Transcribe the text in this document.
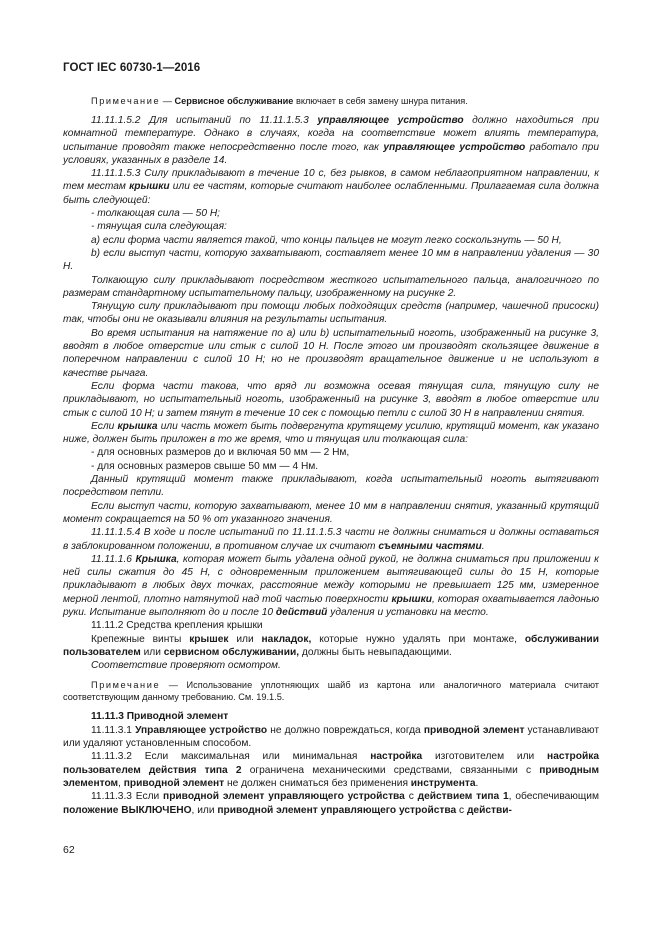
ГОСТ IEC 60730-1—2016

Примечание — Сервисное обслуживание включает в себя замену шнура питания.

11.11.1.5.2 Для испытаний по 11.11.1.5.3 управляющее устройство должно находиться при комнатной температуре. Однако в случаях, когда на соответствие может влиять температура, испытание проводят также непосредственно после того, как управляющее устройство работало при условиях, указанных в разделе 14.

11.11.1.5.3 Силу прикладывают в течение 10 с, без рывков, в самом неблагоприятном направлении, к тем местам крышки или ее частям, которые считают наиболее ослабленными. Прилагаемая сила должна быть следующей:

- толкающая сила — 50 Н;

- тянущая сила следующая:

а) если форма части является такой, что концы пальцев не могут легко соскользнуть — 50 Н,

b) если выступ части, которую захватывают, составляет менее 10 мм в направлении удаления — 30 Н.

Толкающую силу прикладывают посредством жесткого испытательного пальца, аналогичного по размерам стандартному испытательному пальцу, изображенному на рисунке 2.

Тянущую силу прикладывают при помощи любых подходящих средств (например, чашечной присоски) так, чтобы они не оказывали влияния на результаты испытания.

Во время испытания на натяжение по а) или b) испытательный ноготь, изображенный на рисунке 3, вводят в любое отверстие или стык с силой 10 Н. После этого им производят скользящее движение в поперечном направлении с силой 10 Н; но не производят вращательное движение и не используют в качестве рычага.

Если форма части такова, что вряд ли возможна осевая тянущая сила, тянущую силу не прикладывают, но испытательный ноготь, изображенный на рисунке 3, вводят в любое отверстие или стык с силой 10 Н; и затем тянут в течение 10 сек с помощью петли с силой 30 Н в направлении снятия.

Если крышка или часть может быть подвергнута крутящему усилию, крутящий момент, как указано ниже, должен быть приложен в то же время, что и тянущая или толкающая сила:

- для основных размеров до и включая 50 мм — 2 Нм,

- для основных размеров свыше 50 мм — 4 Нм.

Данный крутящий момент также прикладывают, когда испытательный ноготь вытягивают посредством петли.

Если выступ части, которую захватывают, менее 10 мм в направлении снятия, указанный крутящий момент сокращается на 50 % от указанного значения.

11.11.1.5.4 В ходе и после испытаний по 11.11.1.5.3 части не должны сниматься и должны оставаться в заблокированном положении, в противном случае их считают съемными частями.

11.11.1.6 Крышка, которая может быть удалена одной рукой, не должна сниматься при приложении к ней силы сжатия до 45 Н, с одновременным приложением вытягивающей силы до 15 Н, которые прикладывают в любых двух точках, расстояние между которыми не превышает 125 мм, измеренное мерной лентой, плотно натянутой над той частью поверхности крышки, которая охватывается ладонью руки. Испытание выполняют до и после 10 действий удаления и установки на место.

11.11.2 Средства крепления крышки

Крепежные винты крышек или накладок, которые нужно удалять при монтаже, обслуживании пользователем или сервисном обслуживании, должны быть невыпадающими.

Соответствие проверяют осмотром.

Примечание — Использование уплотняющих шайб из картона или аналогичного материала считают соответствующим данному требованию. См. 19.1.5.

11.11.3 Приводной элемент

11.11.3.1 Управляющее устройство не должно повреждаться, когда приводной элемент устанавливают или удаляют установленным способом.

11.11.3.2 Если максимальная или минимальная настройка изготовителем или настройка пользователем действия типа 2 ограничена механическими средствами, связанными с приводным элементом, приводной элемент не должен сниматься без применения инструмента.

11.11.3.3 Если приводной элемент управляющего устройства с действием типа 1, обеспечивающим положение ВЫКЛЮЧЕНО, или приводной элемент управляющего устройства с действи-

62
